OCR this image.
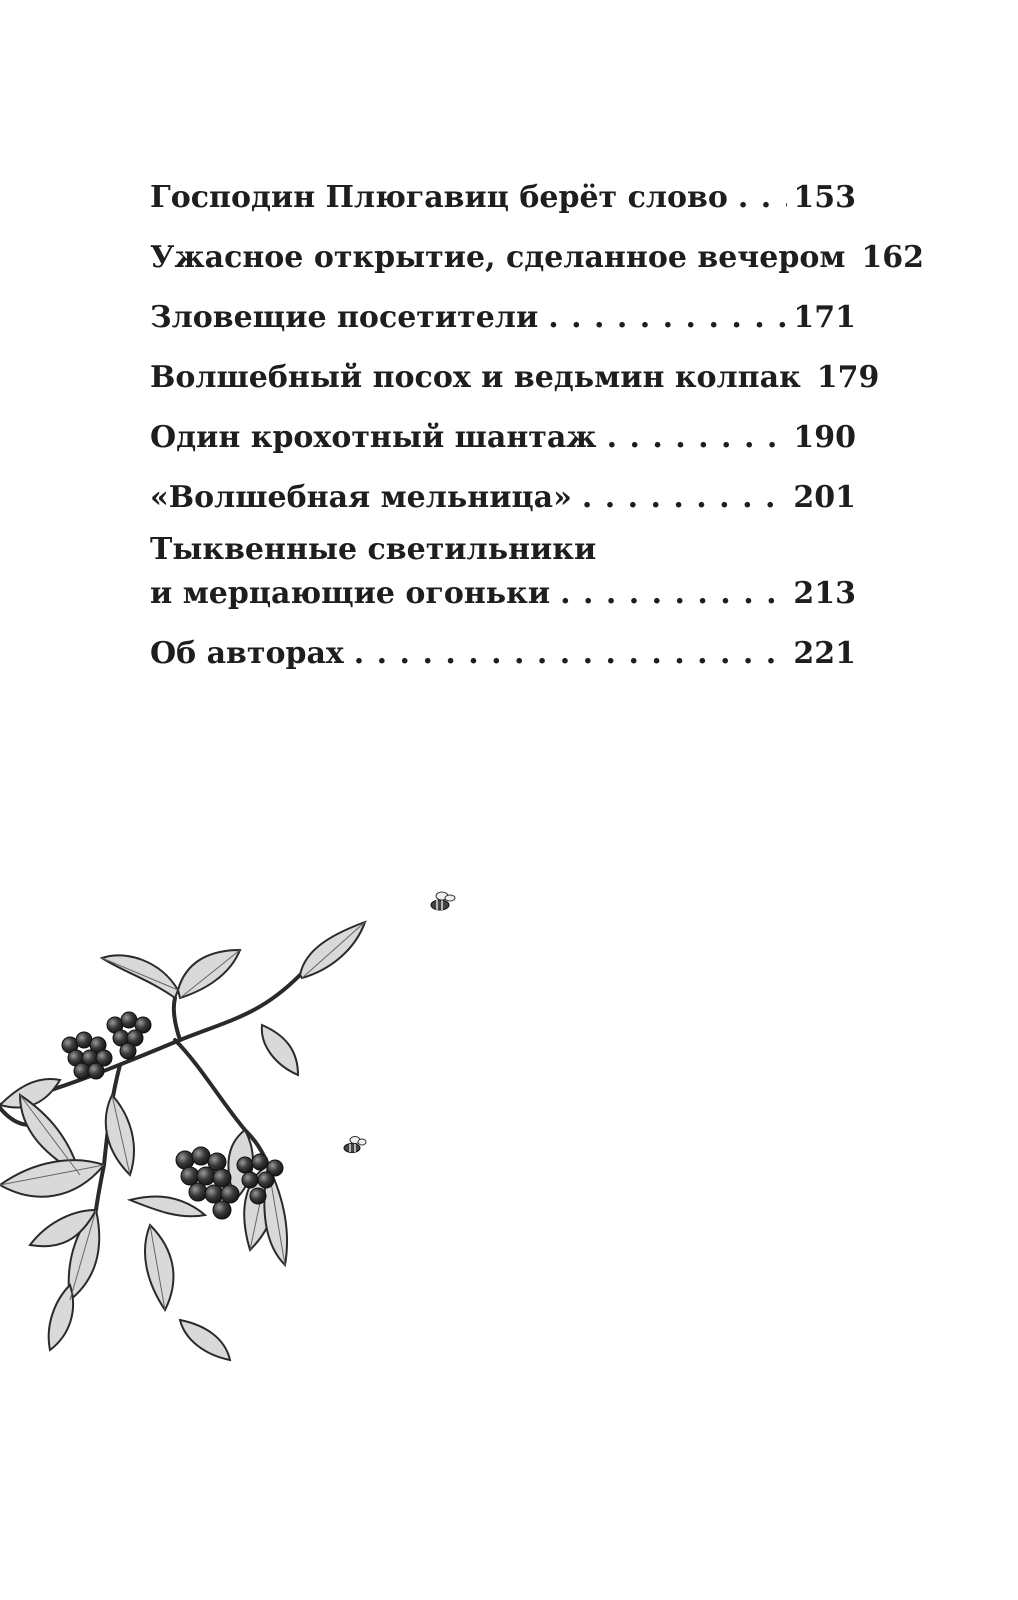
Господин Плюгавиц берёт слово . . . 153
Ужасное открытие, сделанное вечером 162
Зловещие посетители . . .	171
Волшебный посох и ведьмин колпак 179
Один крохотный шантаж . . .	190
«Волшебная мельница» . . .	201
Тыквенные светильники
и мерцающие огоньки . . .	213
Об авторах . . .	221
